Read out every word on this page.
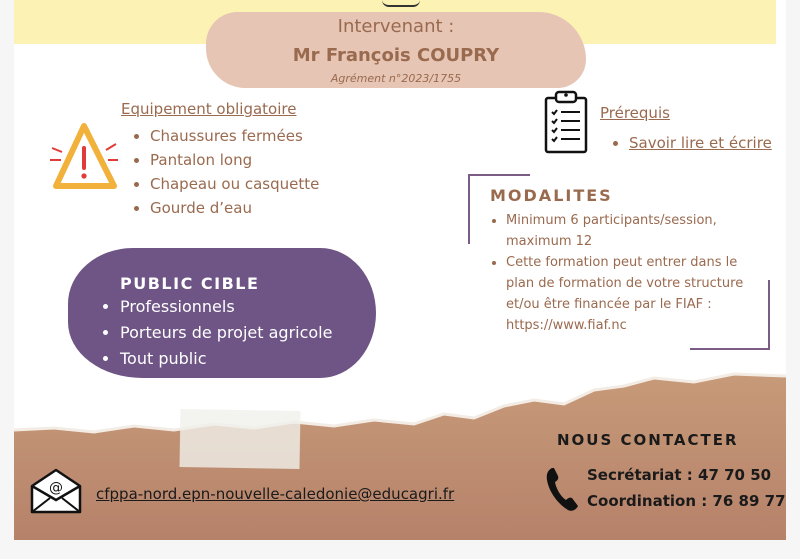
Intervenant :
Mr François COUPRY
Agrément n°2023/1755
Equipement obligatoire
• Chaussures fermées
• Pantalon long
• Chapeau ou casquette
• Gourde d’eau
Prérequis
• Savoir lire et écrire
MODALITES
• Minimum 6 participants/session, maximum 12
• Cette formation peut entrer dans le plan de formation de votre structure et/ou être financée par le FIAF : https://www.fiaf.nc
PUBLIC CIBLE
• Professionnels
• Porteurs de projet agricole
• Tout public
NOUS CONTACTER
Secrétariat : 47 70 50
Coordination : 76 89 77
@ cfppa-nord.epn-nouvelle-caledonie@educagri.fr
